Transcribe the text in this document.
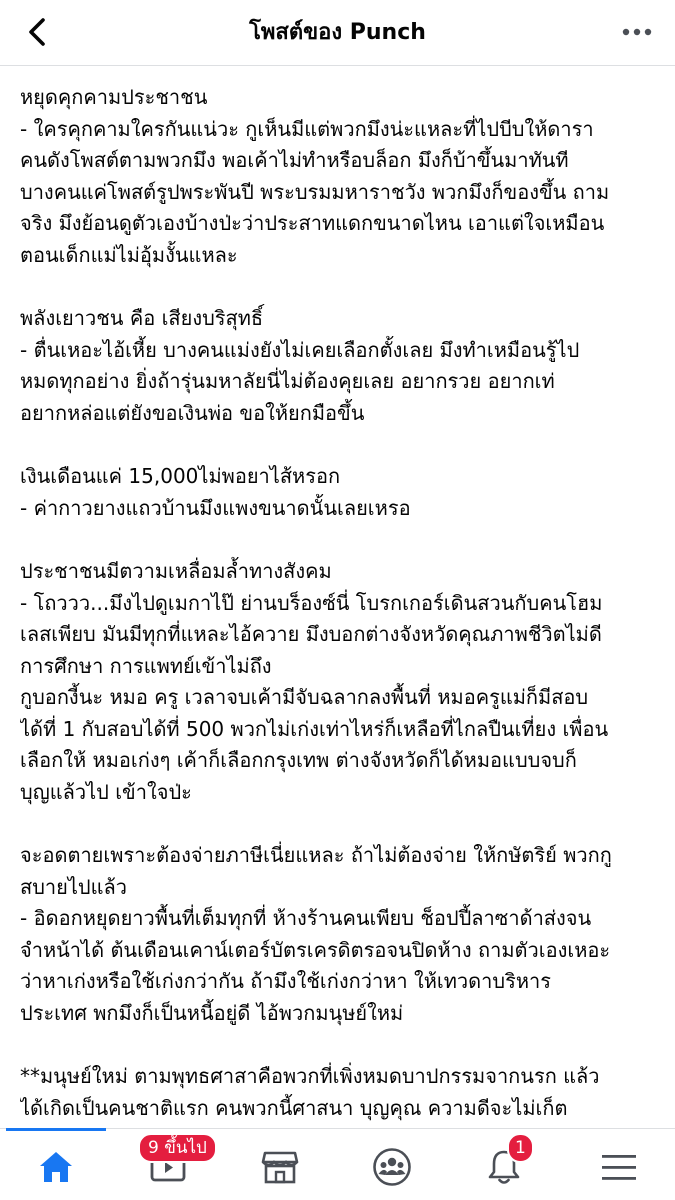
โพสต์ของ Punch
หยุดคุกคามประชาชน
- ใครคุกคามใครกันแน่วะ กูเห็นมีแต่พวกมึงน่ะแหละที่ไปบีบให้ดารา
คนดังโพสต์ตามพวกมึง พอเค้าไม่ทำหรือบล็อก มึงก็บ้าขึ้นมาทันที
บางคนแค่โพสต์รูปพระพันปี พระบรมมหาราชวัง พวกมึงก็ของขึ้น ถาม
จริง มึงย้อนดูตัวเองบ้างป่ะว่าประสาทแดกขนาดไหน เอาแต่ใจเหมือน
ตอนเด็กแม่ไม่อุ้มงั้นแหละ
พลังเยาวชน คือ เสียงบริสุทธิ์
- ตื่นเหอะไอ้เหี้ย บางคนแม่งยังไม่เคยเลือกตั้งเลย มึงทำเหมือนรู้ไป
หมดทุกอย่าง ยิ่งถ้ารุ่นมหาลัยนี่ไม่ต้องคุยเลย อยากรวย อยากเท่
อยากหล่อแต่ยังขอเงินพ่อ ขอให้ยกมือขึ้น
เงินเดือนแค่ 15,000ไม่พอยาไส้หรอก
- ค่ากาวยางแถวบ้านมึงแพงขนาดนั้นเลยเหรอ
ประชาชนมีตวามเหลื่อมล้ำทางสังคม
- โถววว...มึงไปดูเมกาไป๊ ย่านบร็องซ์นี่ โบรกเกอร์เดินสวนกับคนโฮม
เลสเพียบ มันมีทุกที่แหละไอ้ควาย มึงบอกต่างจังหวัดคุณภาพชีวิตไม่ดี
การศึกษา การแพทย์เข้าไม่ถึง
กูบอกงี้นะ หมอ ครู เวลาจบเค้ามีจับฉลากลงพื้นที่ หมอครูแม่ก็มีสอบ
ได้ที่ 1 กับสอบได้ที่ 500 พวกไม่เก่งเท่าไหร่ก็เหลือที่ไกลปืนเที่ยง เพื่อน
เลือกให้ หมอเก่งๆ เค้าก็เลือกกรุงเทพ ต่างจังหวัดก็ได้หมอแบบจบก็
บุญแล้วไป เข้าใจป่ะ
จะอดตายเพราะต้องจ่ายภาษีเนี่ยแหละ ถ้าไม่ต้องจ่าย ให้กษัตริย์ พวกกู
สบายไปแล้ว
- อิดอกหยุดยาวพื้นที่เต็มทุกที่ ห้างร้านคนเพียบ ช็อปปี้ลาซาด้าส่งจน
จำหน้าได้ ต้นเดือนเคาน์เตอร์บัตรเครดิตรอจนปิดห้าง ถามตัวเองเหอะ
ว่าหาเก่งหรือใช้เก่งกว่ากัน ถ้ามึงใช้เก่งกว่าหา ให้เทวดาบริหาร
ประเทศ พกมึงก็เป็นหนี้อยู่ดี ไอ้พวกมนุษย์ใหม่
**มนุษย์ใหม่ ตามพุทธศาสาคือพวกที่เพิ่งหมดบาปกรรมจากนรก แล้ว
ได้เกิดเป็นคนชาติแรก คนพวกนี้ศาสนา บุญคุณ ความดีจะไม่เก็ต
9 ขึ้นไป	1
